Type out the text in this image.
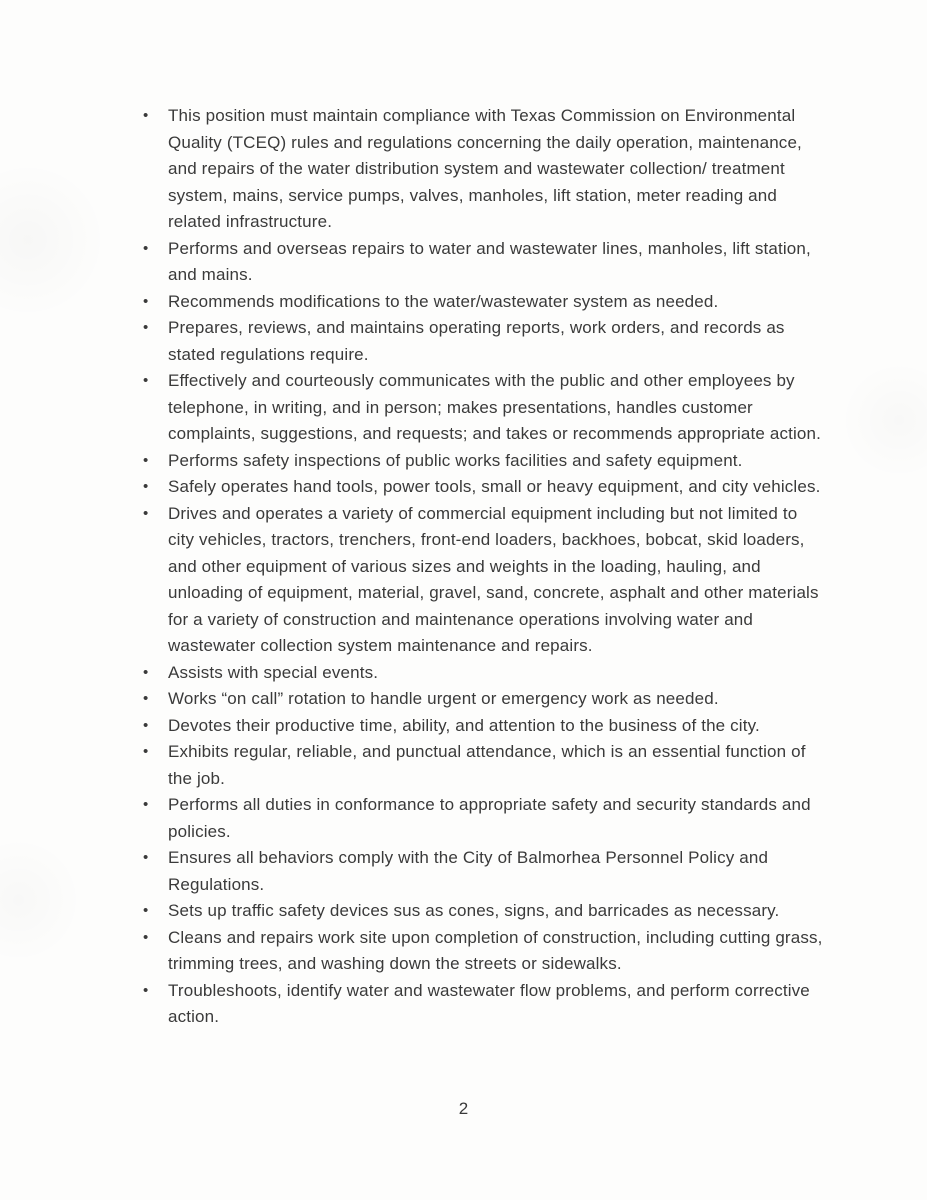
•	This position must maintain compliance with Texas Commission on Environmental Quality (TCEQ) rules and regulations concerning the daily operation, maintenance, and repairs of the water distribution system and wastewater collection/ treatment system, mains, service pumps, valves, manholes, lift station, meter reading and related infrastructure.
•	Performs and overseas repairs to water and wastewater lines, manholes, lift station, and mains.
•	Recommends modifications to the water/wastewater system as needed.
•	Prepares, reviews, and maintains operating reports, work orders, and records as stated regulations require.
•	Effectively and courteously communicates with the public and other employees by telephone, in writing, and in person; makes presentations, handles customer complaints, suggestions, and requests; and takes or recommends appropriate action.
•	Performs safety inspections of public works facilities and safety equipment.
•	Safely operates hand tools, power tools, small or heavy equipment, and city vehicles.
•	Drives and operates a variety of commercial equipment including but not limited to city vehicles, tractors, trenchers, front-end loaders, backhoes, bobcat, skid loaders, and other equipment of various sizes and weights in the loading, hauling, and unloading of equipment, material, gravel, sand, concrete, asphalt and other materials for a variety of construction and maintenance operations involving water and wastewater collection system maintenance and repairs.
•	Assists with special events.
•	Works “on call” rotation to handle urgent or emergency work as needed.
•	Devotes their productive time, ability, and attention to the business of the city.
•	Exhibits regular, reliable, and punctual attendance, which is an essential function of the job.
•	Performs all duties in conformance to appropriate safety and security standards and policies.
•	Ensures all behaviors comply with the City of Balmorhea Personnel Policy and Regulations.
•	Sets up traffic safety devices sus as cones, signs, and barricades as necessary.
•	Cleans and repairs work site upon completion of construction, including cutting grass, trimming trees, and washing down the streets or sidewalks.
•	Troubleshoots, identify water and wastewater flow problems, and perform corrective action.
2
